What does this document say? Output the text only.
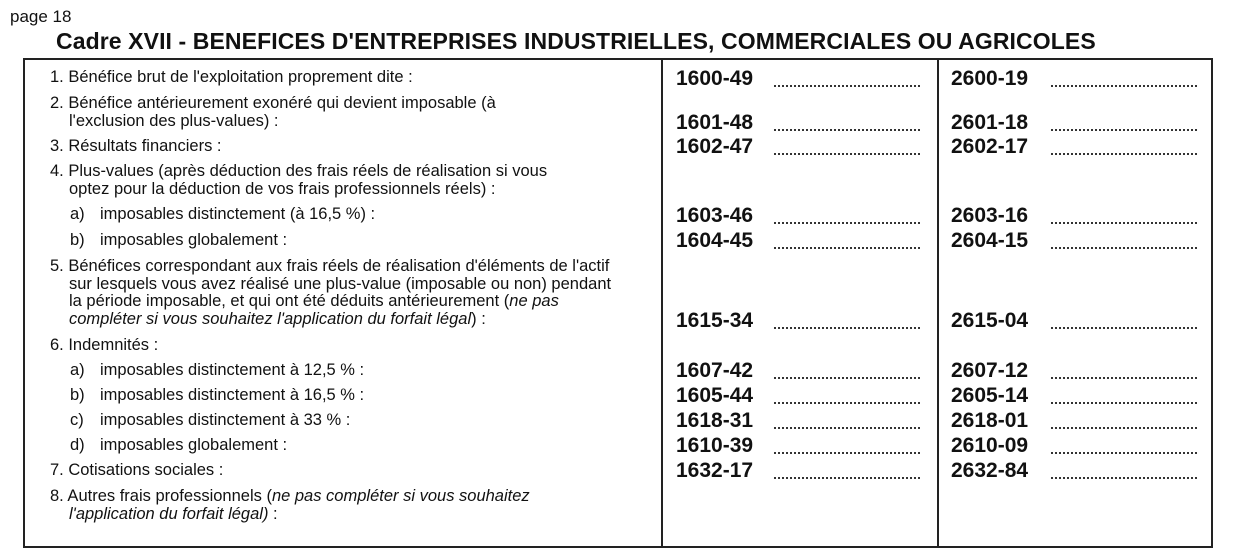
page 18
Cadre XVII - BENEFICES D'ENTREPRISES INDUSTRIELLES, COMMERCIALES OU AGRICOLES
1. Bénéfice brut de l'exploitation proprement dite :	1600-49	2600-19
2. Bénéfice antérieurement exonéré qui devient imposable (à
l'exclusion des plus-values) :	1601-48	2601-18
3. Résultats financiers :	1602-47	2602-17
4. Plus-values (après déduction des frais réels de réalisation si vous
optez pour la déduction de vos frais professionnels réels) :
a) imposables distinctement (à 16,5 %) :	1603-46	2603-16
b) imposables globalement :	1604-45	2604-15
5. Bénéfices correspondant aux frais réels de réalisation d'éléments de l'actif
sur lesquels vous avez réalisé une plus-value (imposable ou non) pendant
la période imposable, et qui ont été déduits antérieurement (ne pas
compléter si vous souhaitez l'application du forfait légal) :	1615-34	2615-04
6. Indemnités :
a) imposables distinctement à 12,5 % :	1607-42	2607-12
b) imposables distinctement à 16,5 % :	1605-44	2605-14
c) imposables distinctement à 33 % :	1618-31	2618-01
d) imposables globalement :	1610-39	2610-09
7. Cotisations sociales :	1632-17	2632-84
8. Autres frais professionnels (ne pas compléter si vous souhaitez
l'application du forfait légal) :
